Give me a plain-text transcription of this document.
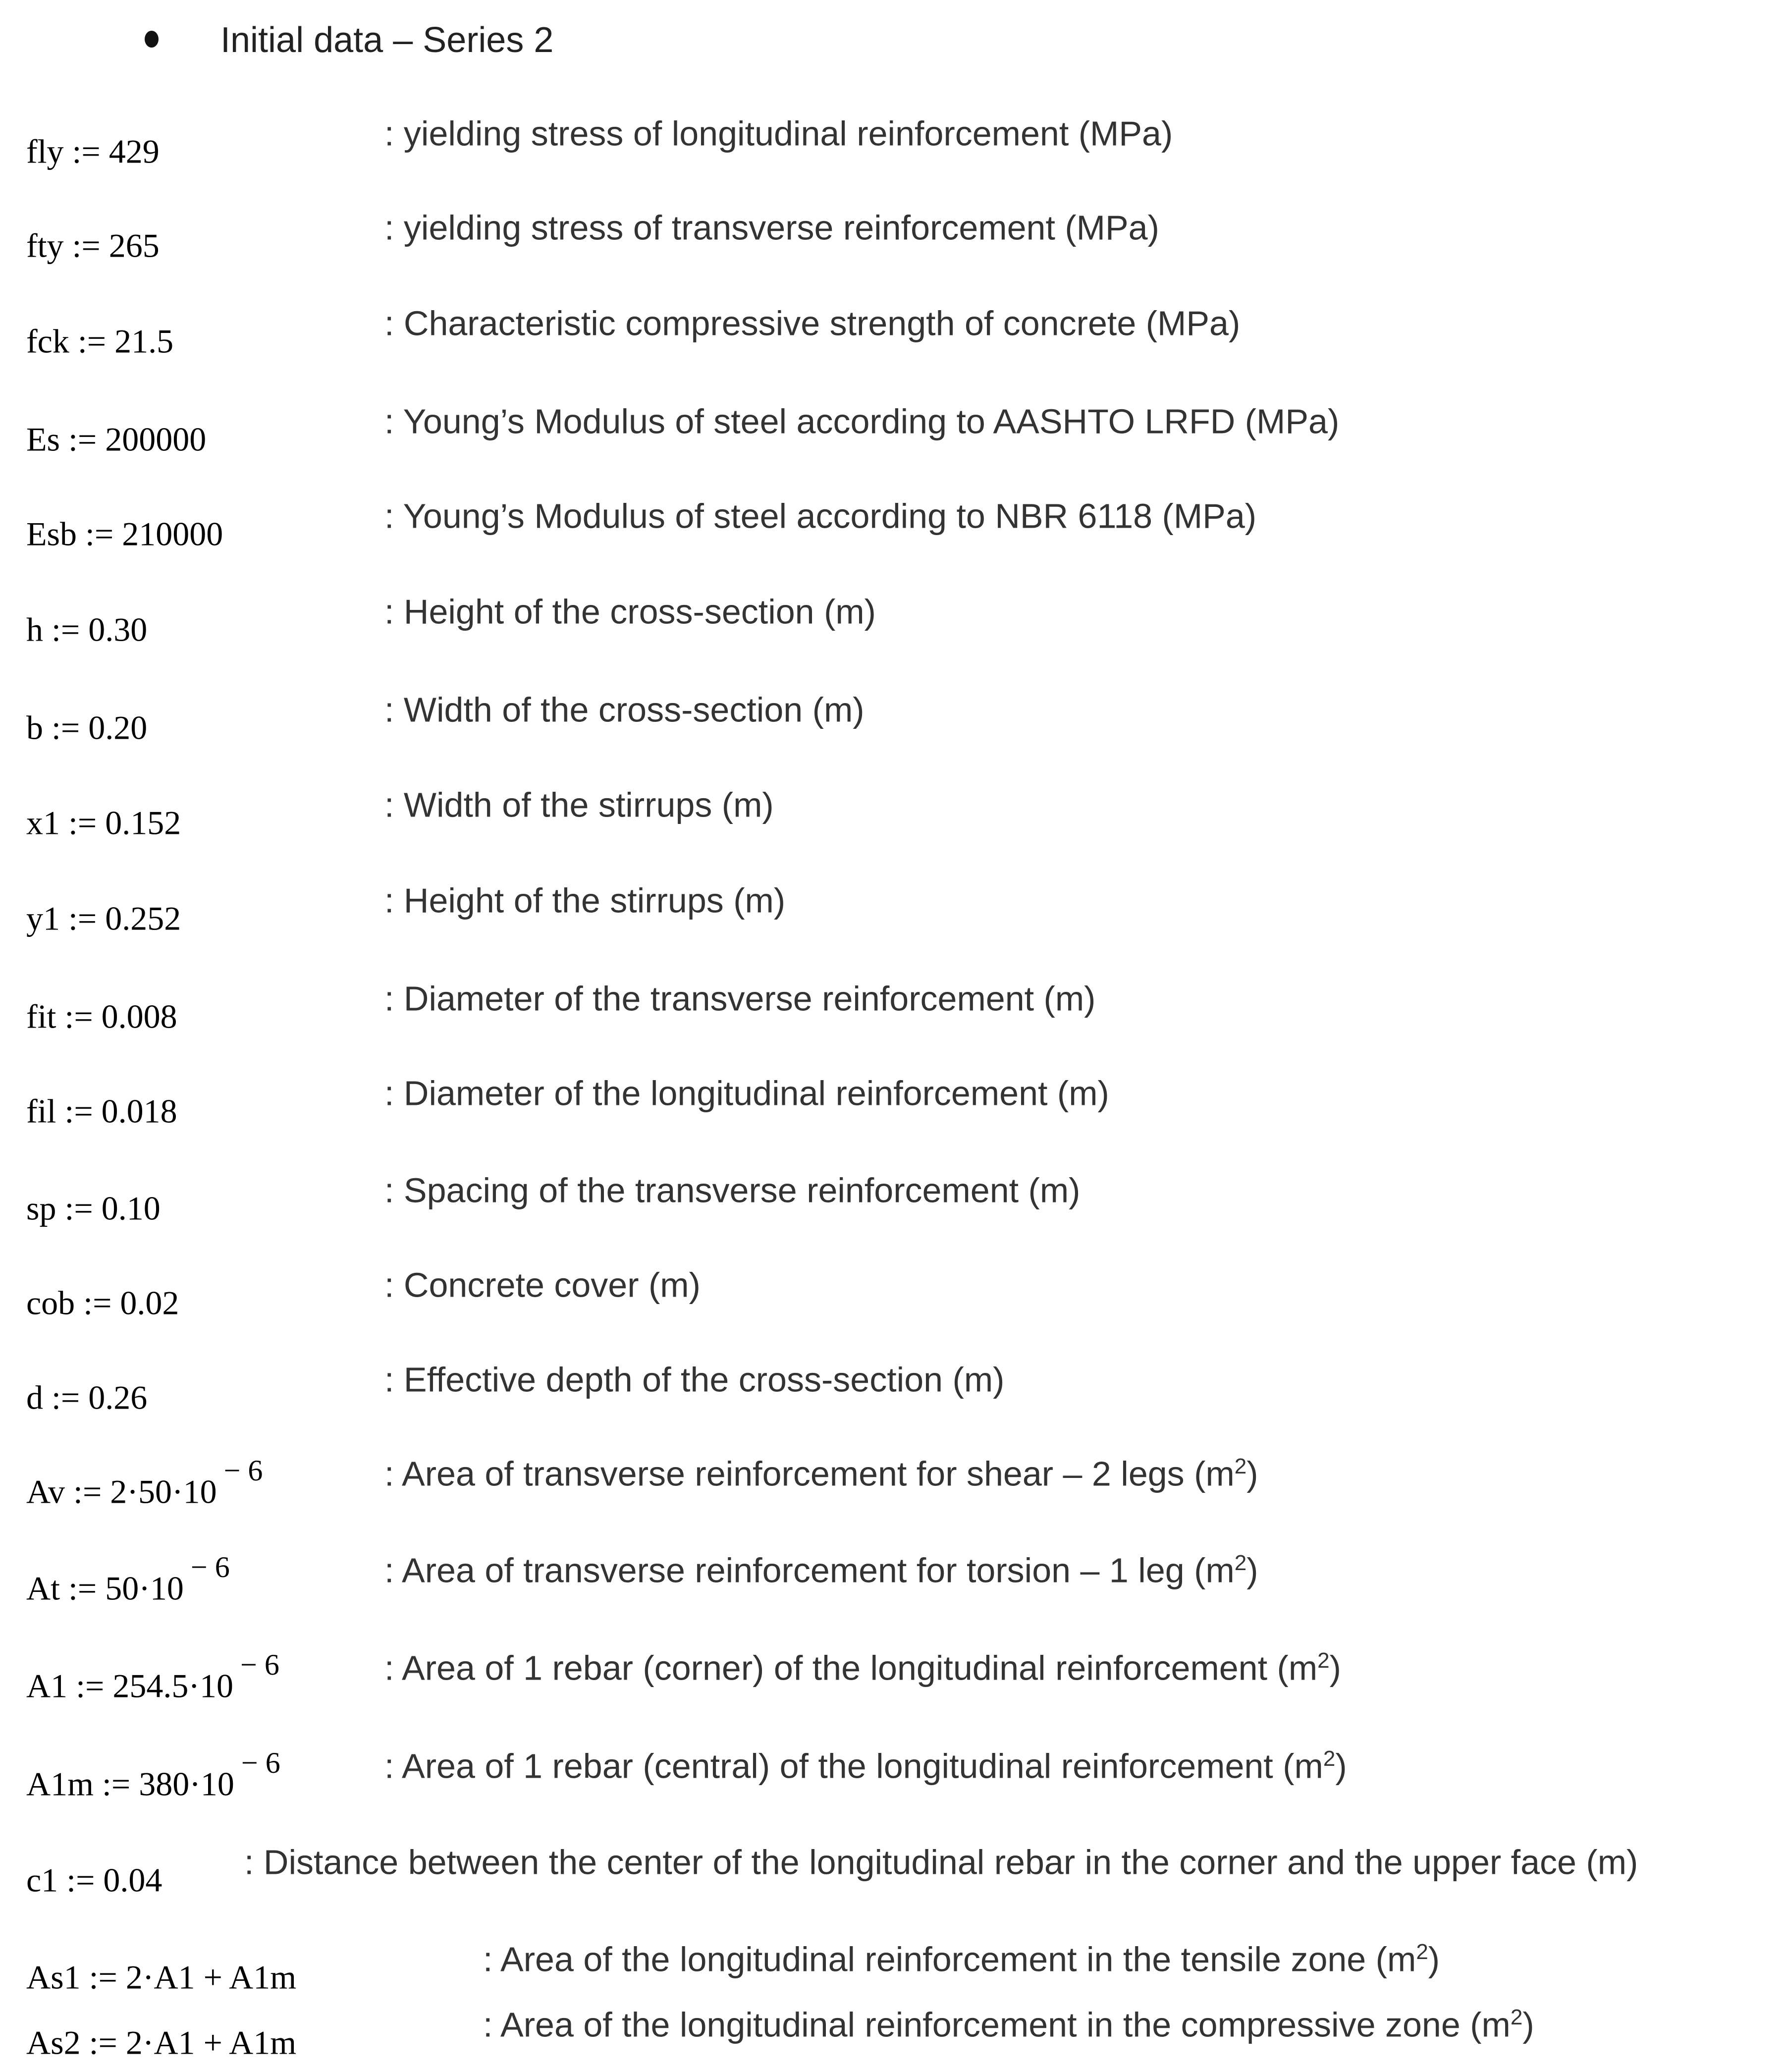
Initial data – Series 2
fly := 429	: yielding stress of longitudinal reinforcement (MPa)
fty := 265	: yielding stress of transverse reinforcement (MPa)
fck := 21.5	: Characteristic compressive strength of concrete (MPa)
Es := 200000	: Young’s Modulus of steel according to AASHTO LRFD (MPa)
Esb := 210000	: Young’s Modulus of steel according to NBR 6118 (MPa)
h := 0.30	: Height of the cross-section (m)
b := 0.20	: Width of the cross-section (m)
x1 := 0.152	: Width of the stirrups (m)
y1 := 0.252	: Height of the stirrups (m)
fit := 0.008	: Diameter of the transverse reinforcement (m)
fil := 0.018	: Diameter of the longitudinal reinforcement (m)
sp := 0.10	: Spacing of the transverse reinforcement (m)
cob := 0.02	: Concrete cover (m)
d := 0.26	: Effective depth of the cross-section (m)
Av := $2\cdot 50\cdot 10^{- 6}$	: Area of transverse reinforcement for shear – 2 legs $(m^2)$
At := $50\cdot 10^{- 6}$	: Area of transverse reinforcement for torsion – 1 leg $(m^2)$
A1 := $254.5\cdot 10^{- 6}$	: Area of 1 rebar (corner) of the longitudinal reinforcement $(m^2)$
A1m := $380\cdot 10^{- 6}$	: Area of 1 rebar (central) of the longitudinal reinforcement $(m^2)$
c1 := 0.04 : Distance between the center of the longitudinal rebar in the corner and the upper face (m)
As1 := 2·A1 + A1m	: Area of the longitudinal reinforcement in the tensile zone $(m^2)$
As2 := 2·A1 + A1m	: Area of the longitudinal reinforcement in the compressive zone $(m^2)$
